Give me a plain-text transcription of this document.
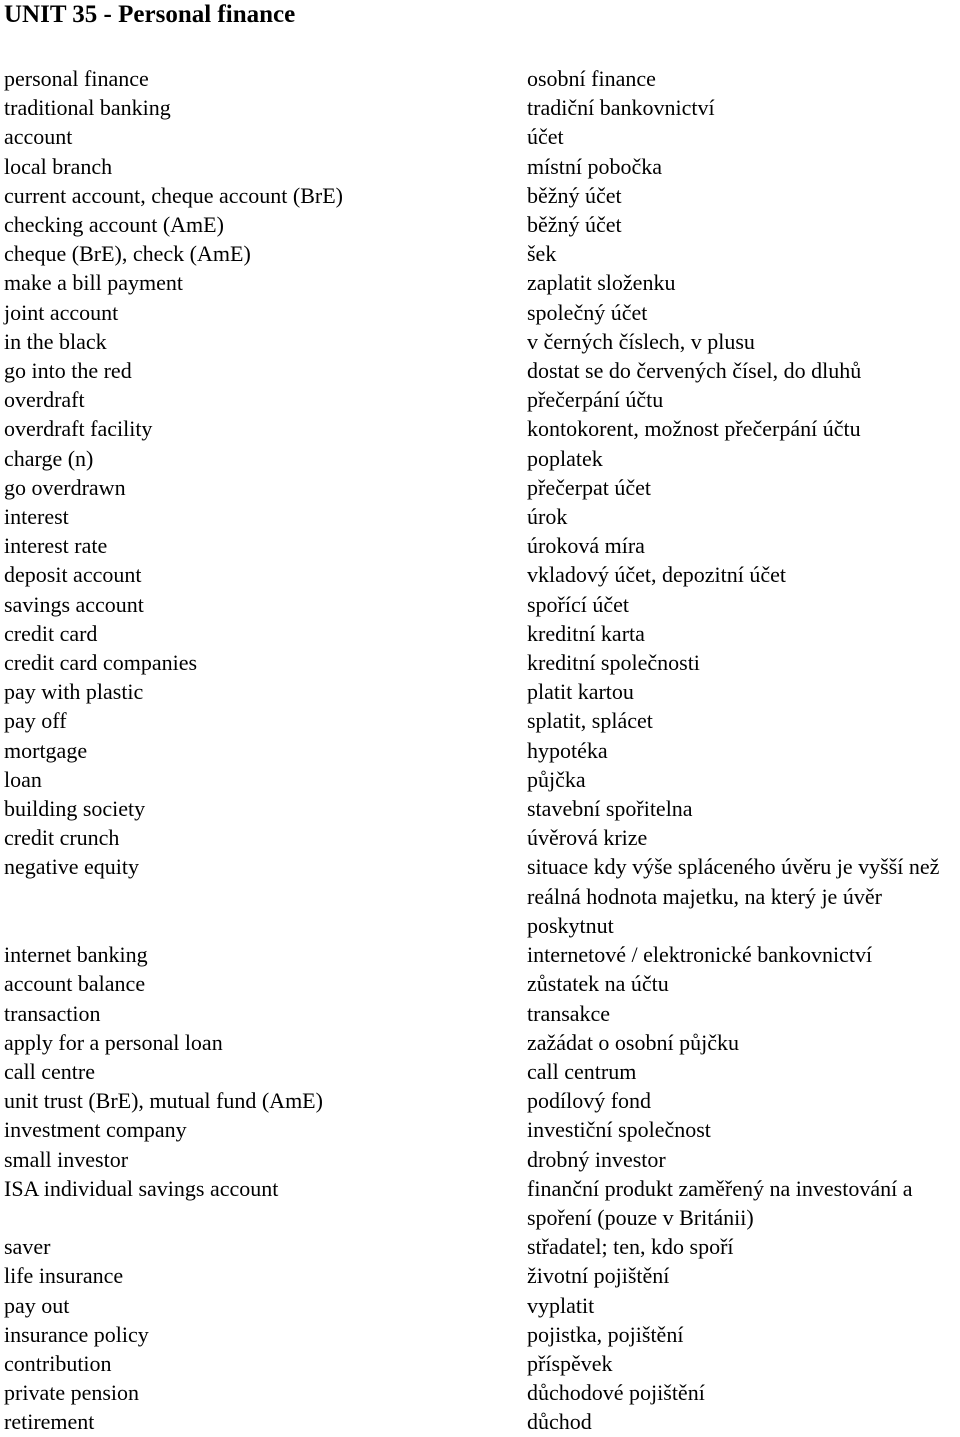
UNIT 35 - Personal finance
personal finance	osobní finance
traditional banking	tradiční bankovnictví
account	účet
local branch	místní pobočka
current account, cheque account (BrE)	běžný účet
checking account (AmE)	běžný účet
cheque (BrE), check (AmE)	šek
make a bill payment	zaplatit složenku
joint account	společný účet
in the black	v černých číslech, v plusu
go into the red	dostat se do červených čísel, do dluhů
overdraft	přečerpání účtu
overdraft facility	kontokorent, možnost přečerpání účtu
charge (n)	poplatek
go overdrawn	přečerpat účet
interest	úrok
interest rate	úroková míra
deposit account	vkladový účet, depozitní účet
savings account	spořící účet
credit card	kreditní karta
credit card companies	kreditní společnosti
pay with plastic	platit kartou
pay off	splatit, splácet
mortgage	hypotéka
loan	půjčka
building society	stavební spořitelna
credit crunch	úvěrová krize
negative equity	situace kdy výše spláceného úvěru je vyšší než reálná hodnota majetku, na který je úvěr poskytnut
internet banking	internetové / elektronické bankovnictví
account balance	zůstatek na účtu
transaction	transakce
apply for a personal loan	zažádat o osobní půjčku
call centre	call centrum
unit trust (BrE), mutual fund (AmE)	podílový fond
investment company	investiční společnost
small investor	drobný investor
ISA individual savings account	finanční produkt zaměřený na investování a spoření (pouze v Británii)
saver	střadatel; ten, kdo spoří
life insurance	životní pojištění
pay out	vyplatit
insurance policy	pojistka, pojištění
contribution	příspěvek
private pension	důchodové pojištění
retirement	důchod
